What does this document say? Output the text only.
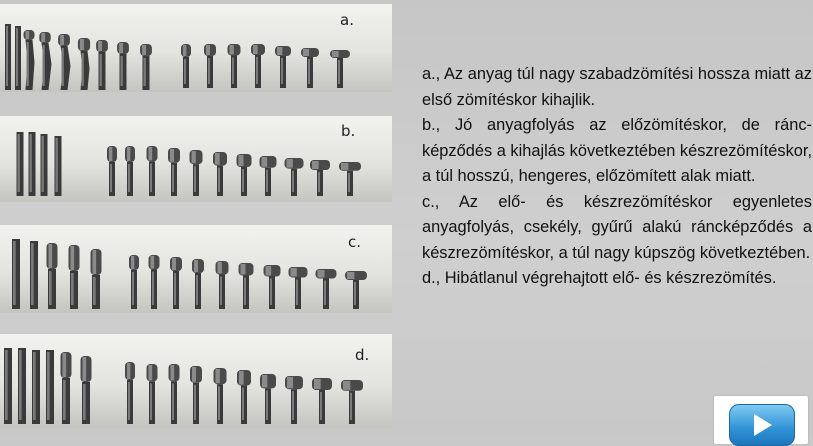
a.
b.
c.
d.

a., Az anyag túl nagy szabadzömítési hossza miatt az első zömítéskor kihajlik.

b., Jó anyagfolyás az előzömítéskor, de ráncképződés a kihajlás következtében készrezömítéskor, a túl hosszú, hengeres, előzömített alak miatt.

c., Az elő- és készrezömítéskor egyenletes anyagfolyás, csekély, gyűrű alakú ráncképződés a készrezömítéskor, a túl nagy kúpszög következtében.

d., Hibátlanul végrehajtott elő- és készrezömítés.
